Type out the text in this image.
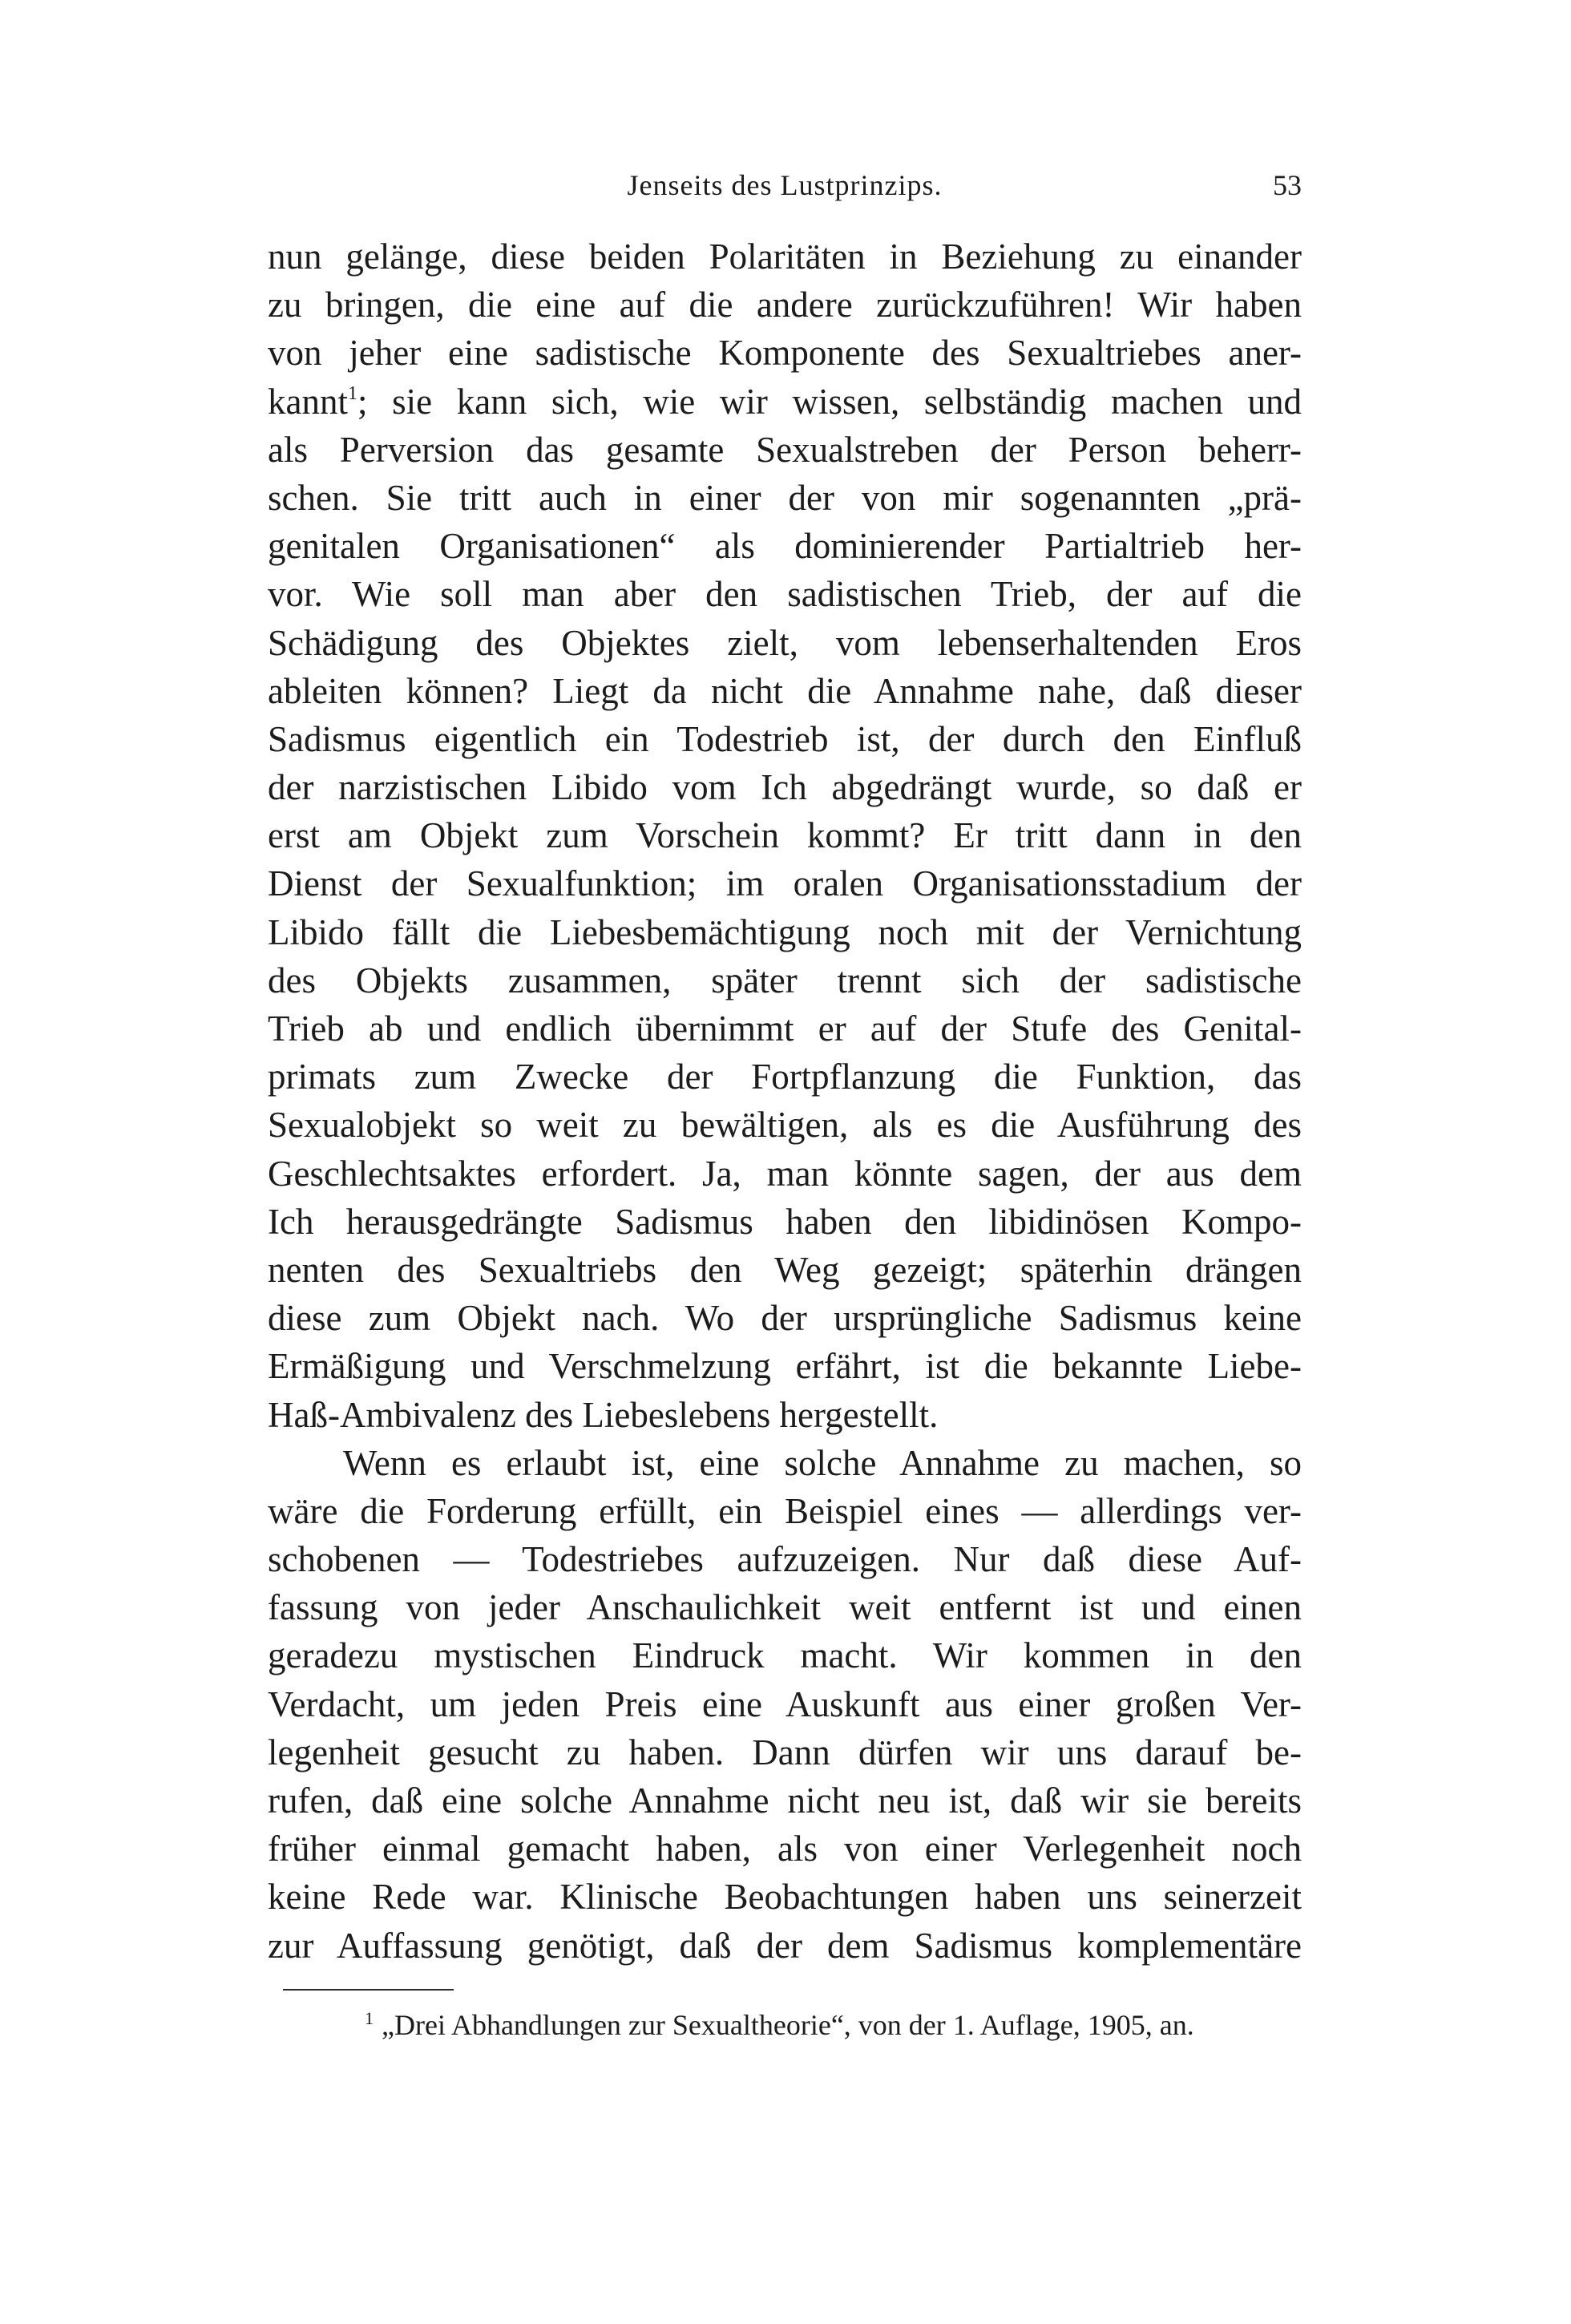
Jenseits des Lustprinzips.	53
nun gelänge, diese beiden Polaritäten in Beziehung zu einander
zu bringen, die eine auf die andere zurückzuführen! Wir haben
von jeher eine sadistische Komponente des Sexualtriebes aner-
kannt$^1$; sie kann sich, wie wir wissen, selbständig machen und
als Perversion das gesamte Sexualstreben der Person beherr-
schen. Sie tritt auch in einer der von mir sogenannten „prä-
genitalen Organisationen“ als dominierender Partialtrieb her-
vor. Wie soll man aber den sadistischen Trieb, der auf die
Schädigung des Objektes zielt, vom lebenserhaltenden Eros
ableiten können? Liegt da nicht die Annahme nahe, daß dieser
Sadismus eigentlich ein Todestrieb ist, der durch den Einfluß
der narzistischen Libido vom Ich abgedrängt wurde, so daß er
erst am Objekt zum Vorschein kommt? Er tritt dann in den
Dienst der Sexualfunktion; im oralen Organisationsstadium der
Libido fällt die Liebesbemächtigung noch mit der Vernichtung
des Objekts zusammen, später trennt sich der sadistische
Trieb ab und endlich übernimmt er auf der Stufe des Genital-
primats zum Zwecke der Fortpflanzung die Funktion, das
Sexualobjekt so weit zu bewältigen, als es die Ausführung des
Geschlechtsaktes erfordert. Ja, man könnte sagen, der aus dem
Ich herausgedrängte Sadismus haben den libidinösen Kompo-
nenten des Sexualtriebs den Weg gezeigt; späterhin drängen
diese zum Objekt nach. Wo der ursprüngliche Sadismus keine
Ermäßigung und Verschmelzung erfährt, ist die bekannte Liebe-
Haß-Ambivalenz des Liebeslebens hergestellt.
Wenn es erlaubt ist, eine solche Annahme zu machen, so
wäre die Forderung erfüllt, ein Beispiel eines — allerdings ver-
schobenen — Todestriebes aufzuzeigen. Nur daß diese Auf-
fassung von jeder Anschaulichkeit weit entfernt ist und einen
geradezu mystischen Eindruck macht. Wir kommen in den
Verdacht, um jeden Preis eine Auskunft aus einer großen Ver-
legenheit gesucht zu haben. Dann dürfen wir uns darauf be-
rufen, daß eine solche Annahme nicht neu ist, daß wir sie bereits
früher einmal gemacht haben, als von einer Verlegenheit noch
keine Rede war. Klinische Beobachtungen haben uns seinerzeit
zur Auffassung genötigt, daß der dem Sadismus komplementäre
$^1$ „Drei Abhandlungen zur Sexualtheorie“, von der 1. Auflage, 1905, an.
